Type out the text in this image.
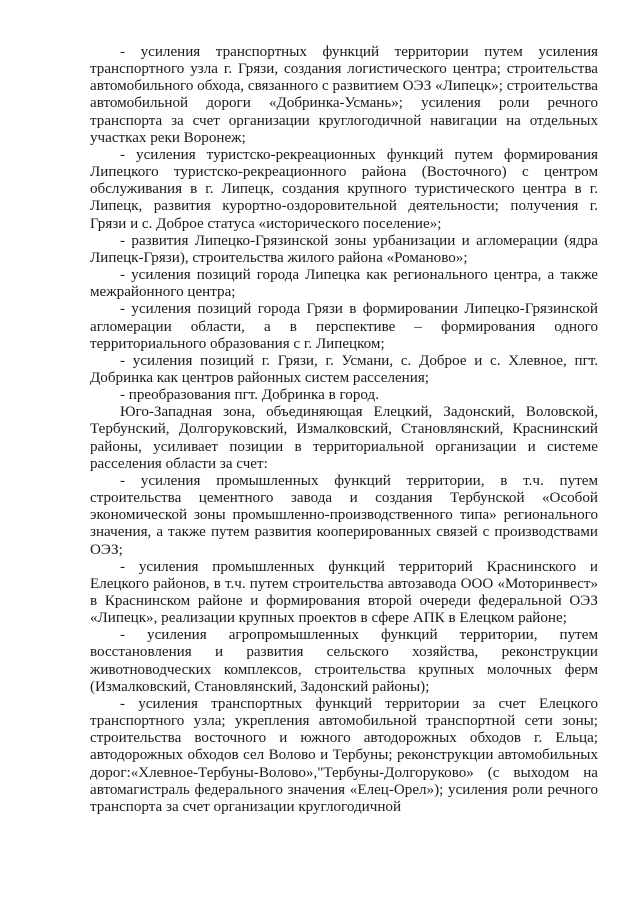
- усиления транспортных функций территории путем усиления транспортного узла г. Грязи, создания логистического центра; строительства автомобильного обхода, связанного с развитием ОЭЗ «Липецк»; строительства автомобильной дороги «Добринка-Усмань»; усиления роли речного транспорта за счет организации круглогодичной навигации на отдельных участках реки Воронеж;

- усиления туристско-рекреационных функций путем формирования Липецкого туристско-рекреационного района (Восточного) с центром обслуживания в г. Липецк, создания крупного туристического центра в г. Липецк, развития курортно-оздоровительной деятельности; получения г. Грязи и с. Доброе статуса «исторического поселение»;

- развития Липецко-Грязинской зоны урбанизации и агломерации (ядра Липецк-Грязи), строительства жилого района «Романово»;

- усиления позиций города Липецка как регионального центра, а также межрайонного центра;

- усиления позиций города Грязи в формировании Липецко-Грязинской агломерации области, а в перспективе – формирования одного территориального образования с г. Липецком;

- усиления позиций г. Грязи, г. Усмани, с. Доброе и с. Хлевное, пгт. Добринка как центров районных систем расселения;

- преобразования пгт. Добринка в город.

Юго-Западная зона, объединяющая Елецкий, Задонский, Воловской, Тербунский, Долгоруковский, Измалковский, Становлянский, Краснинский районы, усиливает позиции в территориальной организации и системе расселения области за счет:

- усиления промышленных функций территории, в т.ч. путем строительства цементного завода и создания Тербунской «Особой экономической зоны промышленно-производственного типа» регионального значения, а также путем развития кооперированных связей с производствами ОЭЗ;

- усиления промышленных функций территорий Краснинского и Елецкого районов, в т.ч. путем строительства автозавода ООО «Моторинвест» в Краснинском районе и формирования второй очереди федеральной ОЭЗ «Липецк», реализации крупных проектов в сфере АПК в Елецком районе;

- усиления агропромышленных функций территории, путем восстановления и развития сельского хозяйства, реконструкции животноводческих комплексов, строительства крупных молочных ферм (Измалковский, Становлянский, Задонский районы);

- усиления транспортных функций территории за счет Елецкого транспортного узла; укрепления автомобильной транспортной сети зоны; строительства восточного и южного автодорожных обходов г. Ельца; автодорожных обходов сел Волово и Тербуны; реконструкции автомобильных дорог:«Хлевное-Тербуны-Волово»,"Тербуны-Долгоруково» (с выходом на автомагистраль федерального значения «Елец-Орел»); усиления роли речного транспорта за счет организации круглогодичной
